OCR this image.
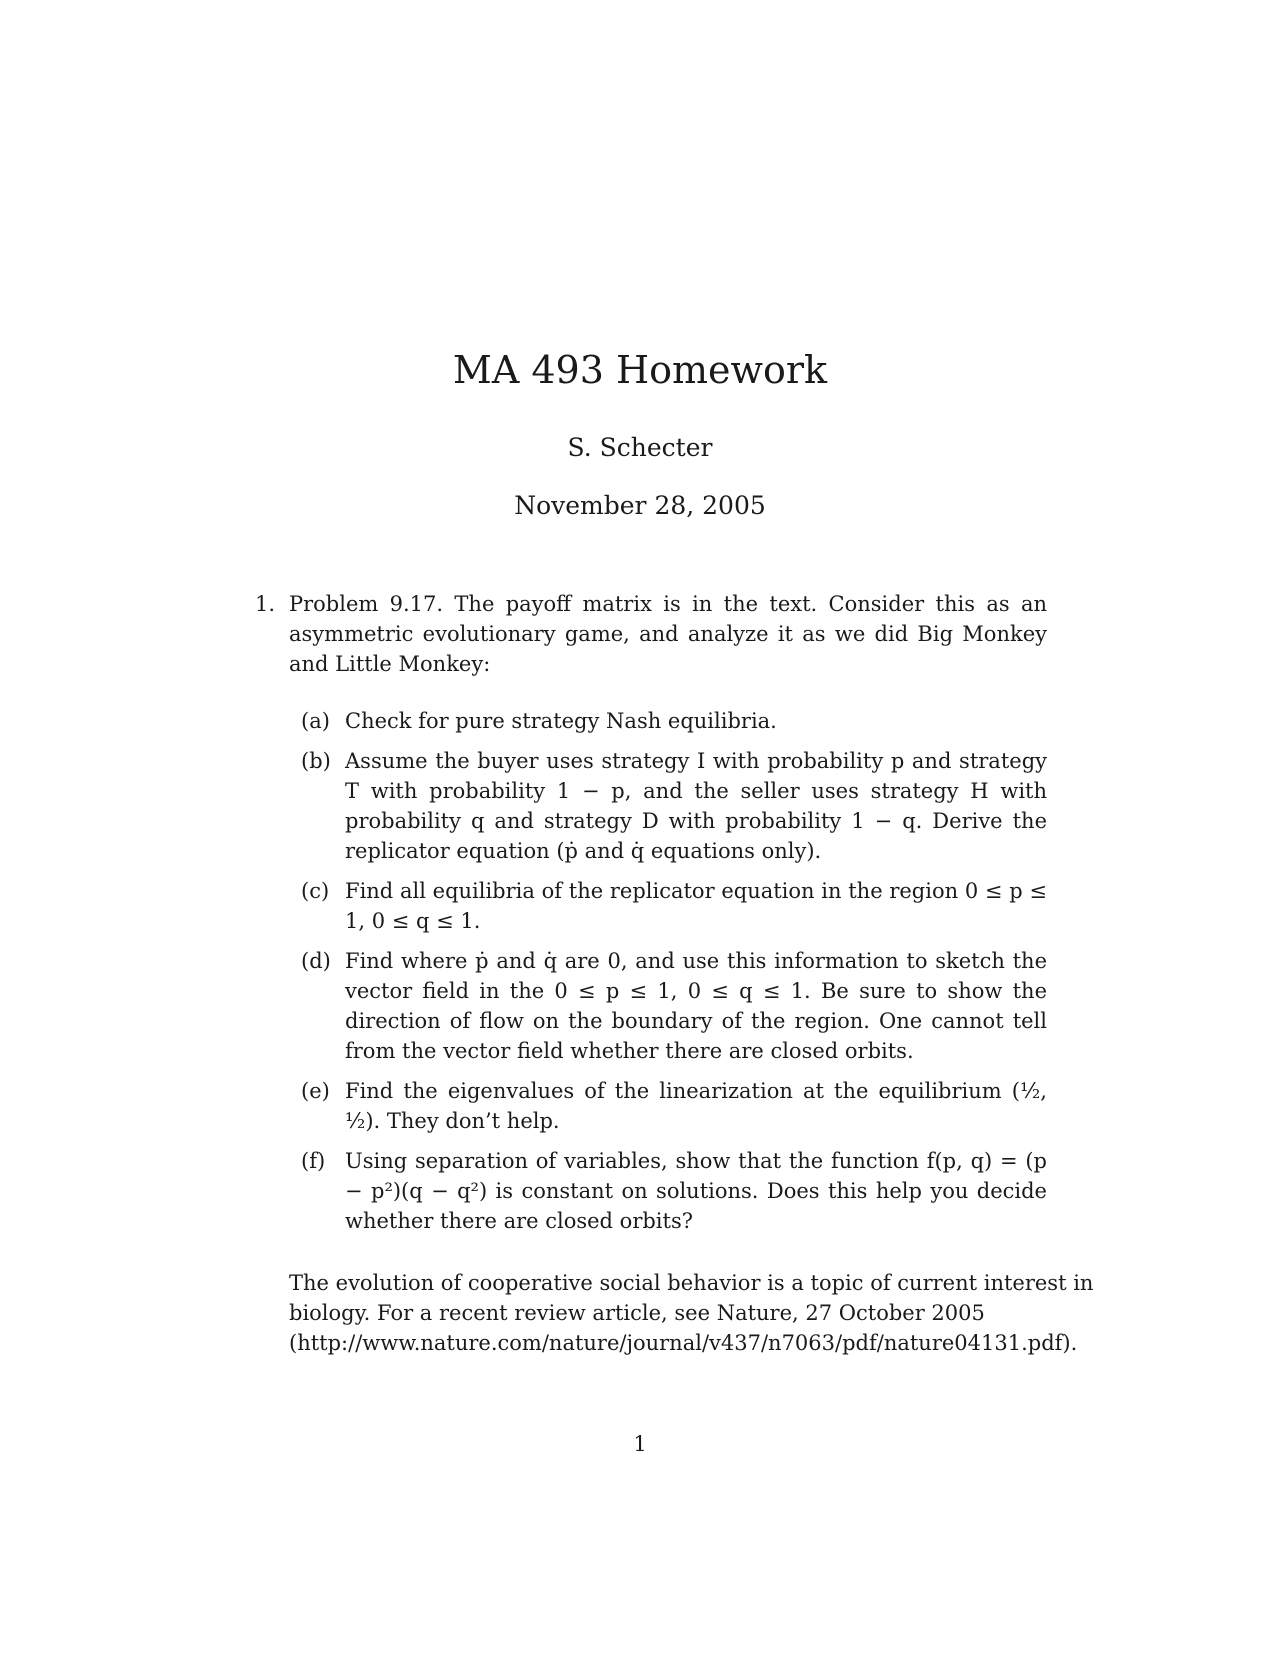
MA 493 Homework
S. Schecter
November 28, 2005
1. Problem 9.17. The payoff matrix is in the text. Consider this as an asymmetric evolutionary game, and analyze it as we did Big Monkey and Little Monkey:
(a) Check for pure strategy Nash equilibria.
(b) Assume the buyer uses strategy I with probability p and strategy T with probability 1 − p, and the seller uses strategy H with probability q and strategy D with probability 1 − q. Derive the replicator equation (ṗ and q̇ equations only).
(c) Find all equilibria of the replicator equation in the region 0 ≤ p ≤ 1, 0 ≤ q ≤ 1.
(d) Find where ṗ and q̇ are 0, and use this information to sketch the vector field in the 0 ≤ p ≤ 1, 0 ≤ q ≤ 1. Be sure to show the direction of flow on the boundary of the region. One cannot tell from the vector field whether there are closed orbits.
(e) Find the eigenvalues of the linearization at the equilibrium (½, ½). They don’t help.
(f) Using separation of variables, show that the function f(p, q) = (p − p²)(q − q²) is constant on solutions. Does this help you decide whether there are closed orbits?
The evolution of cooperative social behavior is a topic of current interest in biology. For a recent review article, see Nature, 27 October 2005 (http://www.nature.com/nature/journal/v437/n7063/pdf/nature04131.pdf).
1
